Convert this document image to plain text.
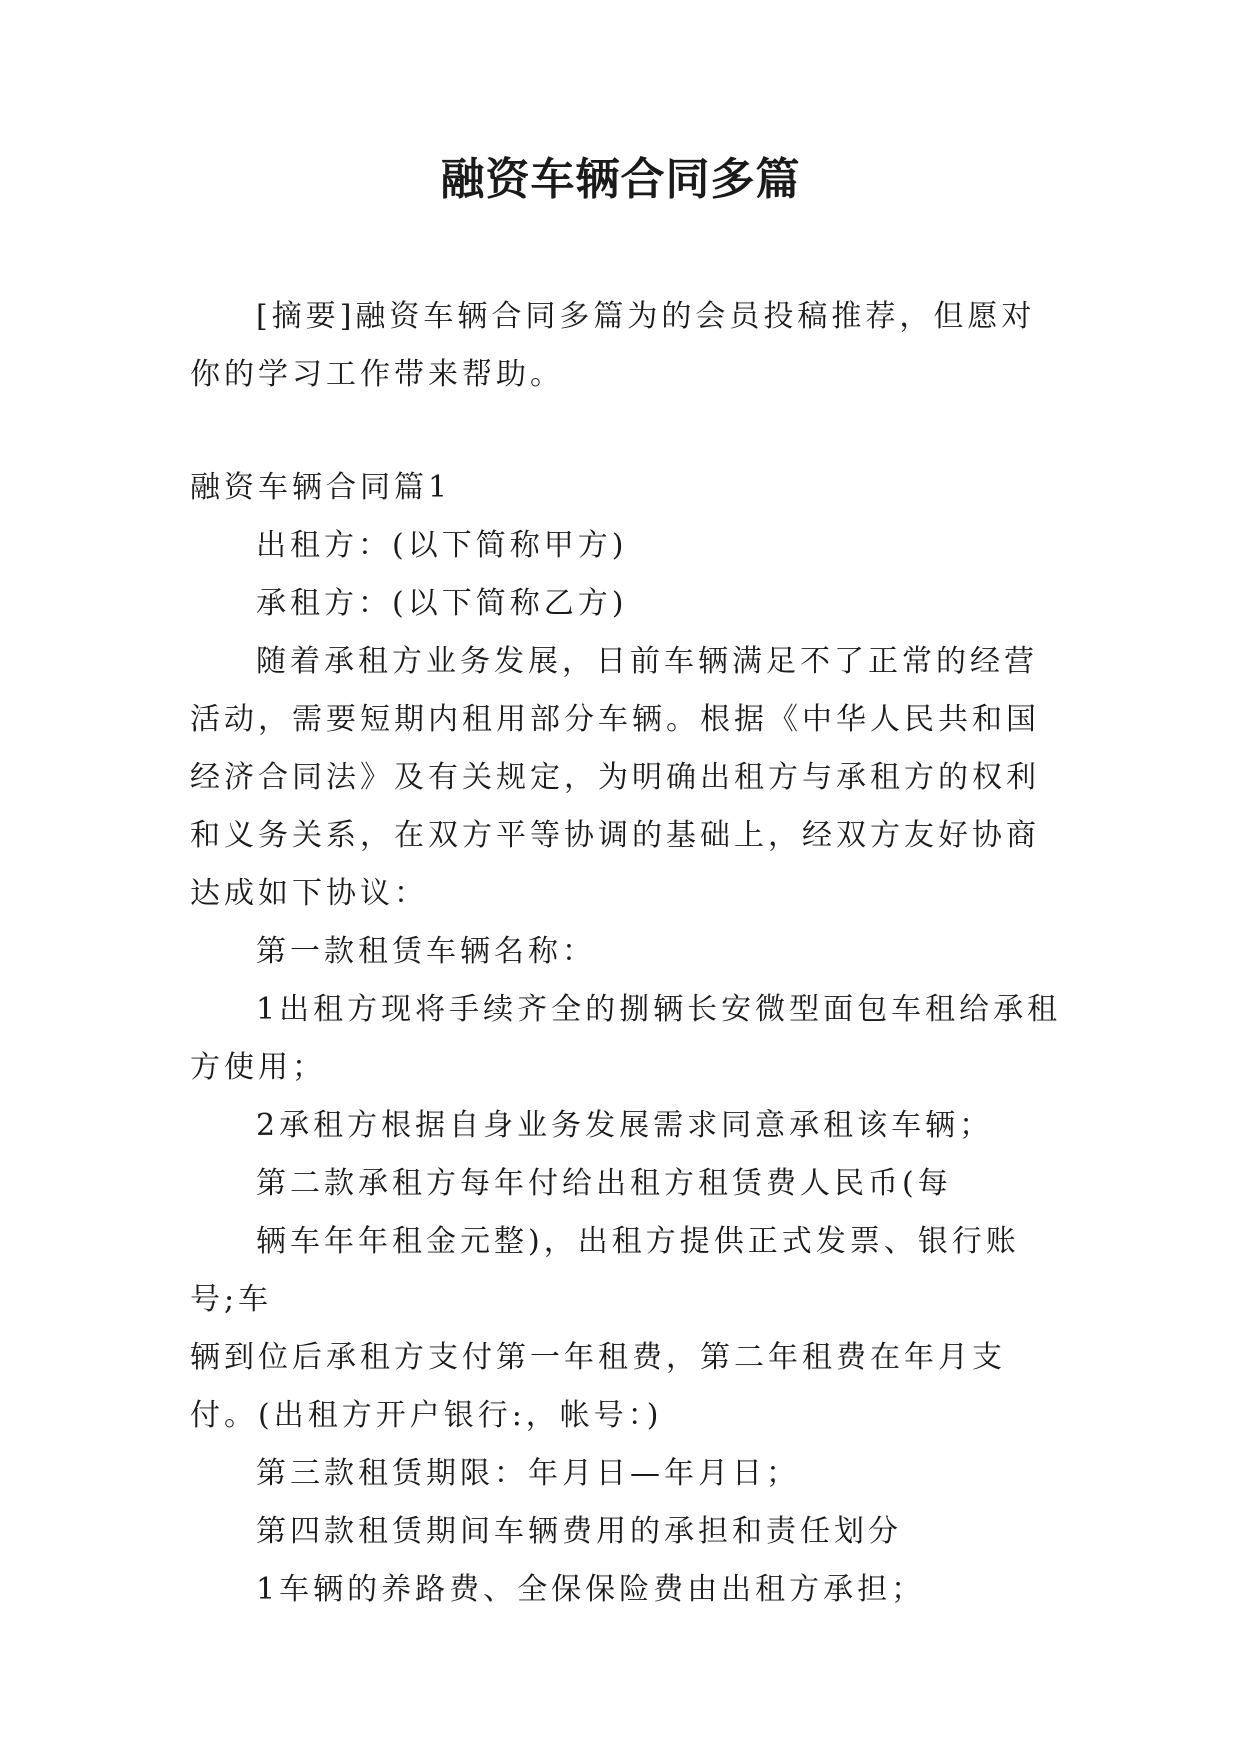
融资车辆合同多篇

[摘要]融资车辆合同多篇为的会员投稿推荐，但愿对你的学习工作带来帮助。

融资车辆合同篇1

出租方：(以下简称甲方)

承租方：(以下简称乙方)

随着承租方业务发展，日前车辆满足不了正常的经营活动，需要短期内租用部分车辆。根据《中华人民共和国经济合同法》及有关规定，为明确出租方与承租方的权利和义务关系，在双方平等协调的基础上，经双方友好协商达成如下协议：

第一款租赁车辆名称：

1出租方现将手续齐全的捌辆长安微型面包车租给承租方使用；

2承租方根据自身业务发展需求同意承租该车辆；

第二款承租方每年付给出租方租赁费人民币(每

辆车年年租金元整)，出租方提供正式发票、银行账号;车

辆到位后承租方支付第一年租费，第二年租费在年月支付。(出租方开户银行:，帐号：)

第三款租赁期限：年月日—年月日；

第四款租赁期间车辆费用的承担和责任划分

1车辆的养路费、全保保险费由出租方承担；
